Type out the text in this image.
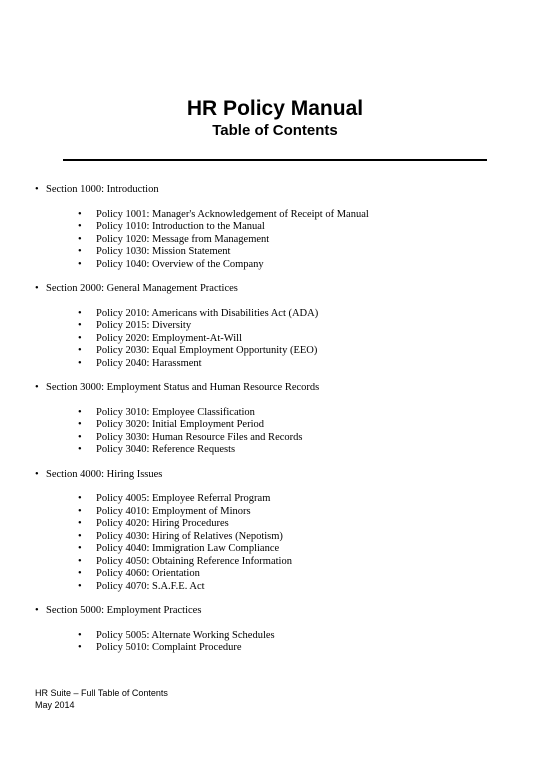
HR Policy Manual
Table of Contents
• Section 1000: Introduction
• Policy 1001: Manager's Acknowledgement of Receipt of Manual
• Policy 1010: Introduction to the Manual
• Policy 1020: Message from Management
• Policy 1030: Mission Statement
• Policy 1040: Overview of the Company
• Section 2000: General Management Practices
• Policy 2010: Americans with Disabilities Act (ADA)
• Policy 2015: Diversity
• Policy 2020: Employment-At-Will
• Policy 2030: Equal Employment Opportunity (EEO)
• Policy 2040: Harassment
• Section 3000: Employment Status and Human Resource Records
• Policy 3010: Employee Classification
• Policy 3020: Initial Employment Period
• Policy 3030: Human Resource Files and Records
• Policy 3040: Reference Requests
• Section 4000: Hiring Issues
• Policy 4005: Employee Referral Program
• Policy 4010: Employment of Minors
• Policy 4020: Hiring Procedures
• Policy 4030: Hiring of Relatives (Nepotism)
• Policy 4040: Immigration Law Compliance
• Policy 4050: Obtaining Reference Information
• Policy 4060: Orientation
• Policy 4070: S.A.F.E. Act
• Section 5000: Employment Practices
• Policy 5005: Alternate Working Schedules
• Policy 5010: Complaint Procedure
HR Suite – Full Table of Contents
May 2014
